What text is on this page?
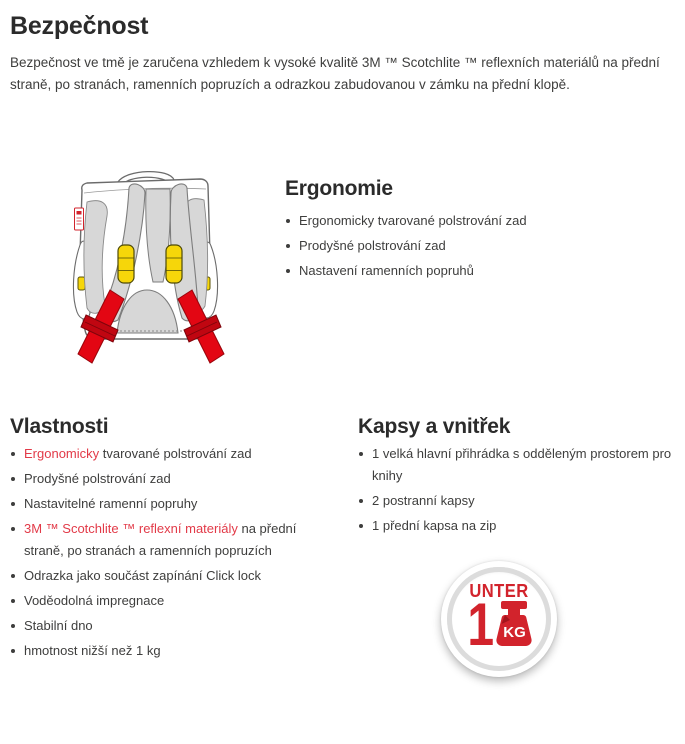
Bezpečnost

Bezpečnost ve tmě je zaručena vzhledem k vysoké kvalitě 3M ™ Scotchlite ™ reflexních materiálů na přední straně, po stranách, ramenních popruzích a odrazkou zabudovanou v zámku na přední klopě.

Ergonomie
Ergonomicky tvarované polstrování zad
Prodyšné polstrování zad
Nastavení ramenních popruhů
Vlastnosti
Ergonomicky tvarované polstrování zad
Prodyšné polstrování zad
Nastavitelné ramenní popruhy
3M ™ Scotchlite ™ reflexní materiály na přední straně, po stranách a ramenních popruzích
Odrazka jako součást zapínání Click lock
Voděodolná impregnace
Stabilní dno
hmotnost nižší než 1 kg
Kapsy a vnitřek
1 velká hlavní přihrádka s odděleným prostorem pro knihy
2 postranní kapsy
1 přední kapsa na zip
UNTER
1 KG
